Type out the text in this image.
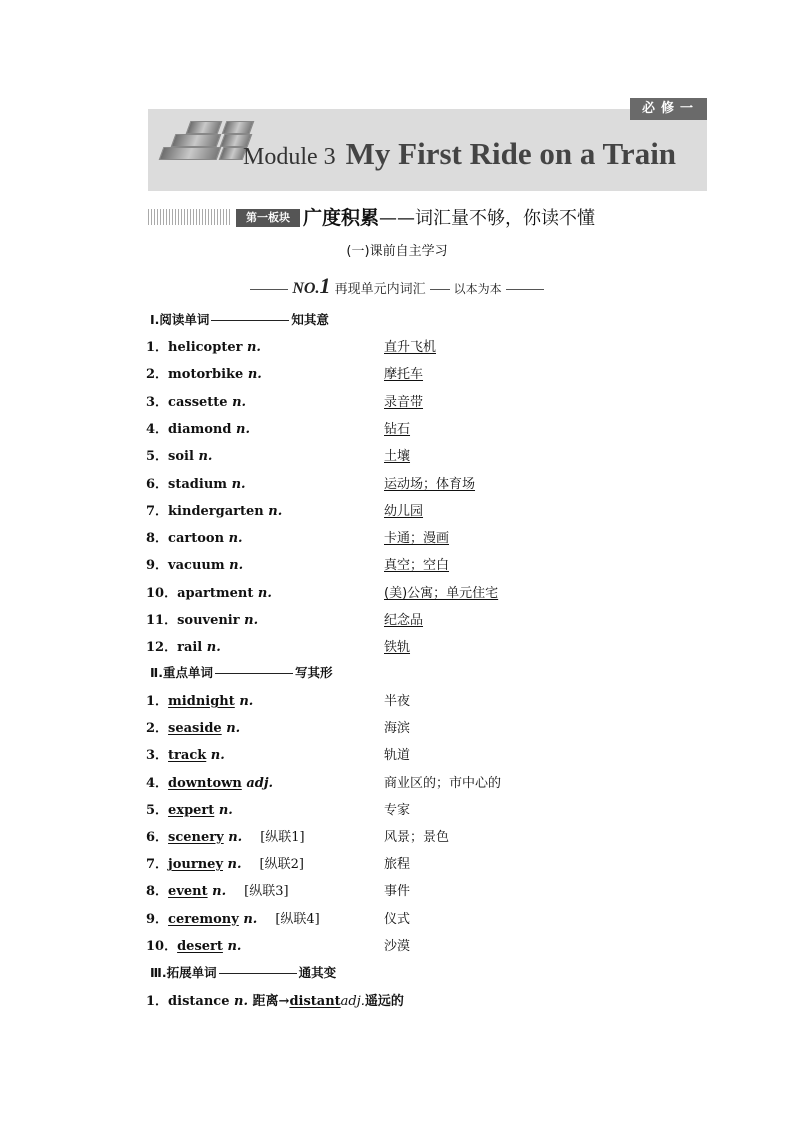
必修一
Module 3 My First Ride on a Train
第一板块 广度积累——词汇量不够，你读不懂
(一)课前自主学习
NO.1 再现单元内词汇 以本为本
Ⅰ.阅读单词	知其意
1．helicopter n.	直升飞机
2．motorbike n.	摩托车
3．cassette n.	录音带
4．diamond n.	钻石
5．soil n.	土壤
6．stadium n.	运动场；体育场
7．kindergarten n.	幼儿园
8．cartoon n.	卡通；漫画
9．vacuum n.	真空；空白
10．apartment n.	(美)公寓；单元住宅
11．souvenir n.	纪念品
12．rail n.	铁轨
Ⅱ.重点单词	写其形
1．midnight n.	半夜
2．seaside n.	海滨
3．track n.	轨道
4．downtown adj.	商业区的；市中心的
5．expert n.	专家
6．scenery n. [纵联1]	风景；景色
7．journey n. [纵联2]	旅程
8．event n. [纵联3]	事件
9．ceremony n. [纵联4]	仪式
10．desert n.	沙漠
Ⅲ.拓展单词	通其变
1．distance n. 距离→distantadj.遥远的
